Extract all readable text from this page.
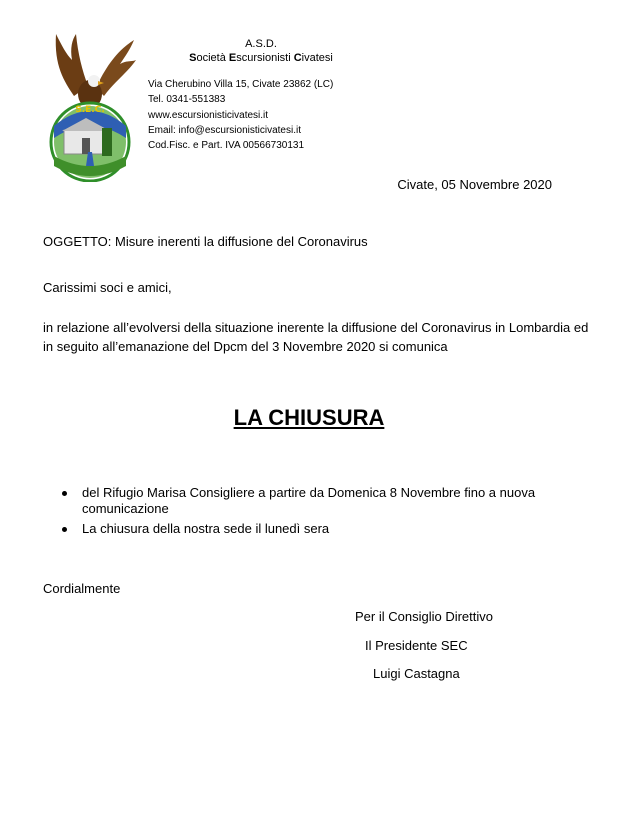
S.E.C.
A.S.D.
Società Escursionisti Civatesi
Via Cherubino Villa 15, Civate 23862 (LC)
Tel. 0341-551383
www.escursionisticivatesi.it
Email: info@escursionisticivatesi.it
Cod.Fisc. e Part. IVA 00566730131
Civate, 05 Novembre 2020
OGGETTO: Misure inerenti la diffusione del Coronavirus
Carissimi soci e amici,
in relazione all’evolversi della situazione inerente la diffusione del Coronavirus in Lombardia ed in seguito all’emanazione del Dpcm del 3 Novembre 2020 si comunica
LA CHIUSURA
del Rifugio Marisa Consigliere a partire da Domenica 8 Novembre fino a nuova comunicazione
La chiusura della nostra sede il lunedì sera
Cordialmente
Per il Consiglio Direttivo
Il Presidente SEC
Luigi Castagna
